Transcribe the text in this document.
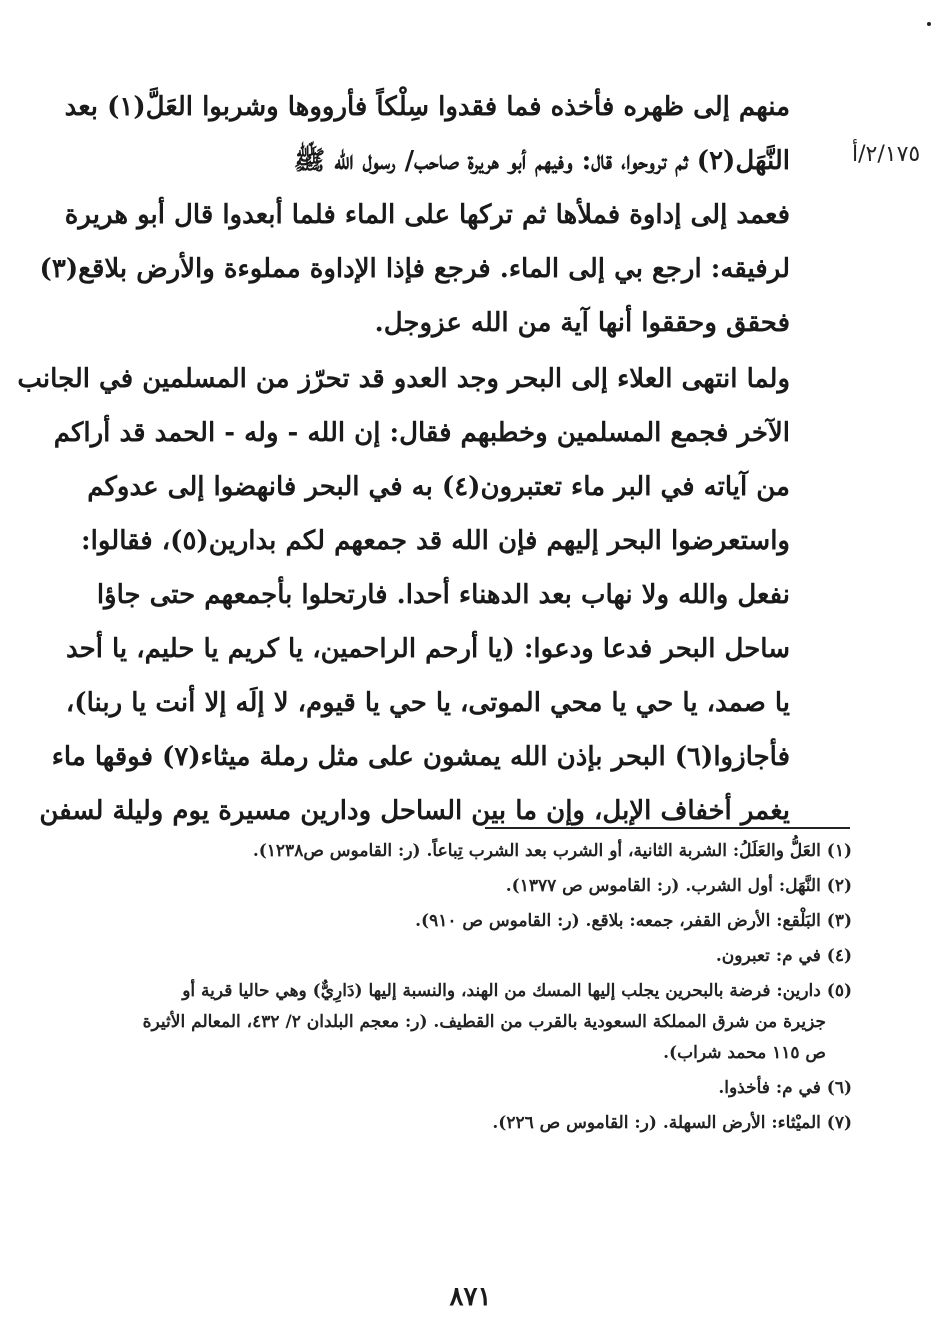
٢/١٧٥/أ
منهم إلى ظهره فأخذه فما فقدوا سِلْكاً فأرووها وشربوا العَلَّ(١) بعد
النَّهَل(٢) ثم تروحوا، قال: وفيهم أبو هريرة صاحب/ رسول الله ﷺ
فعمد إلى إداوة فملأها ثم تركها على الماء فلما أبعدوا قال أبو هريرة
لرفيقه: ارجع بي إلى الماء. فرجع فإذا الإداوة مملوءة والأرض بلاقع(٣)
فحقق وحققوا أنها آية من الله عزوجل.
ولما انتهى العلاء إلى البحر وجد العدو قد تحرّز من المسلمين في الجانب
الآخر فجمع المسلمين وخطبهم فقال: إن الله - وله - الحمد قد أراكم
من آياته في البر ماء تعتبرون(٤) به في البحر فانهضوا إلى عدوكم
واستعرضوا البحر إليهم فإن الله قد جمعهم لكم بدارين(٥)، فقالوا:
نفعل والله ولا نهاب بعد الدهناء أحدا. فارتحلوا بأجمعهم حتى جاؤا
ساحل البحر فدعا ودعوا: (يا أرحم الراحمين، يا كريم يا حليم، يا أحد
يا صمد، يا حي يا محي الموتى، يا حي يا قيوم، لا إلَه إلا أنت يا ربنا)،
فأجازوا(٦) البحر بإذن الله يمشون على مثل رملة ميثاء(٧) فوقها ماء
يغمر أخفاف الإبل، وإن ما بين الساحل ودارين مسيرة يوم وليلة لسفن
(١) العَلُّ والعَلَلُ: الشربة الثانية، أو الشرب بعد الشرب تِباعاً. (ر: القاموس ص١٢٣٨).
(٢) النَّهَل: أول الشرب. (ر: القاموس ص ١٣٧٧).
(٣) البَلْقع: الأرض القفر، جمعه: بلاقع. (ر: القاموس ص ٩١٠).
(٤) في م: تعبرون.
(٥) دارين: فرضة بالبحرين يجلب إليها المسك من الهند، والنسبة إليها (دَارِيٌّ) وهي حاليا قرية أو
جزيرة من شرق المملكة السعودية بالقرب من القطيف. (ر: معجم البلدان ٢/ ٤٣٢، المعالم الأثيرة
ص ١١٥ محمد شراب).
(٦) في م: فأخذوا.
(٧) الميْثاء: الأرض السهلة. (ر: القاموس ص ٢٢٦).
٨٧١
